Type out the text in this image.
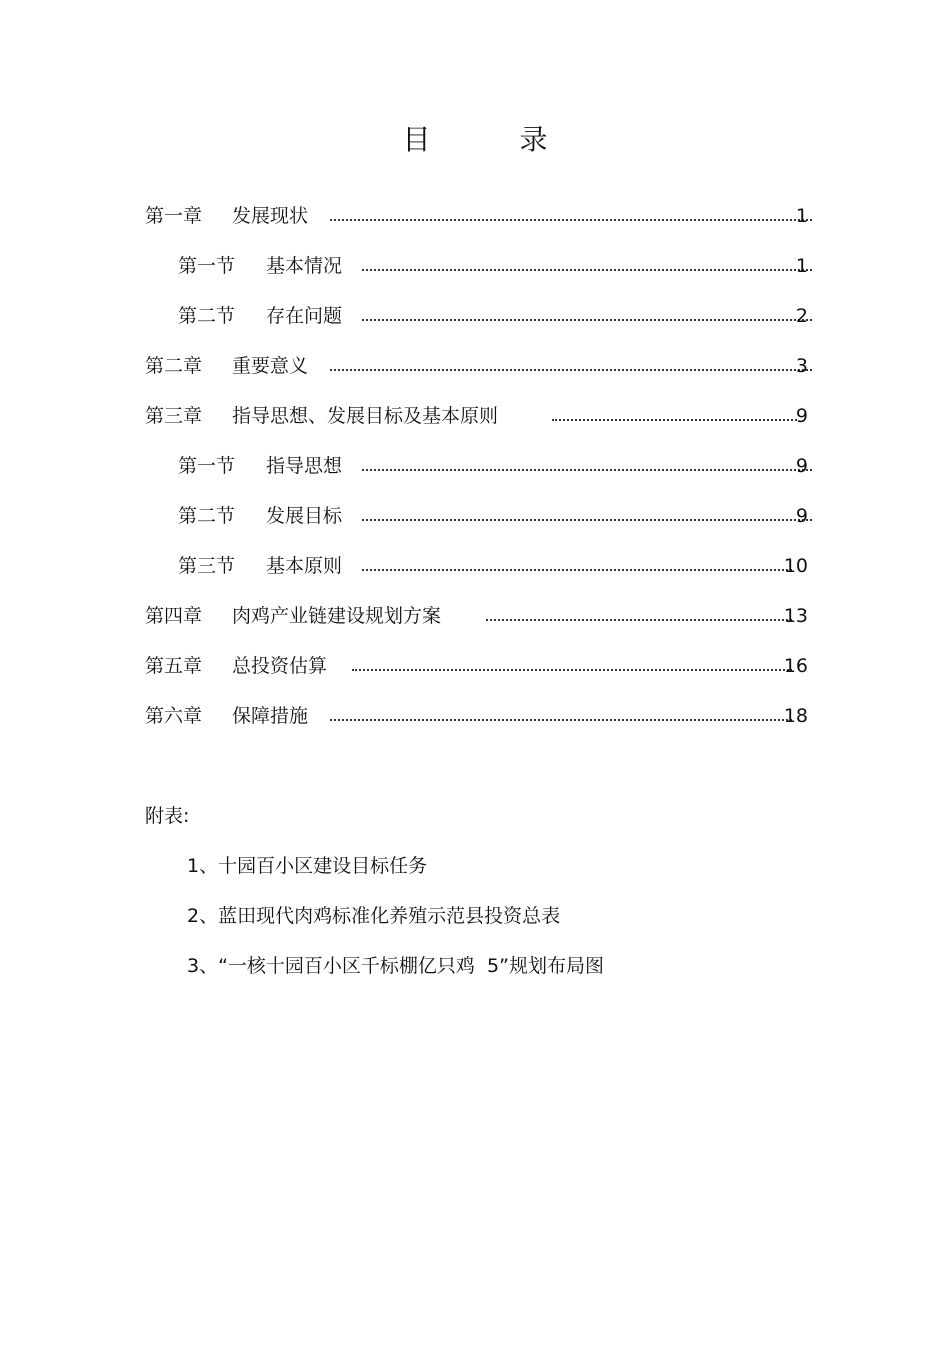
目 录
第一章 发展现状	1
第一节 基本情况	1
第二节 存在问题	2
第二章 重要意义	3
第三章 指导思想、发展目标及基本原则	9
第一节 指导思想	9
第二节 发展目标	9
第三节 基本原则	10
第四章 肉鸡产业链建设规划方案	13
第五章 总投资估算	16
第六章 保障措施	18
附表:
1、十园百小区建设目标任务
2、蓝田现代肉鸡标准化养殖示范县投资总表
3、“一核十园百小区千标棚亿只鸡  5”规划布局图
